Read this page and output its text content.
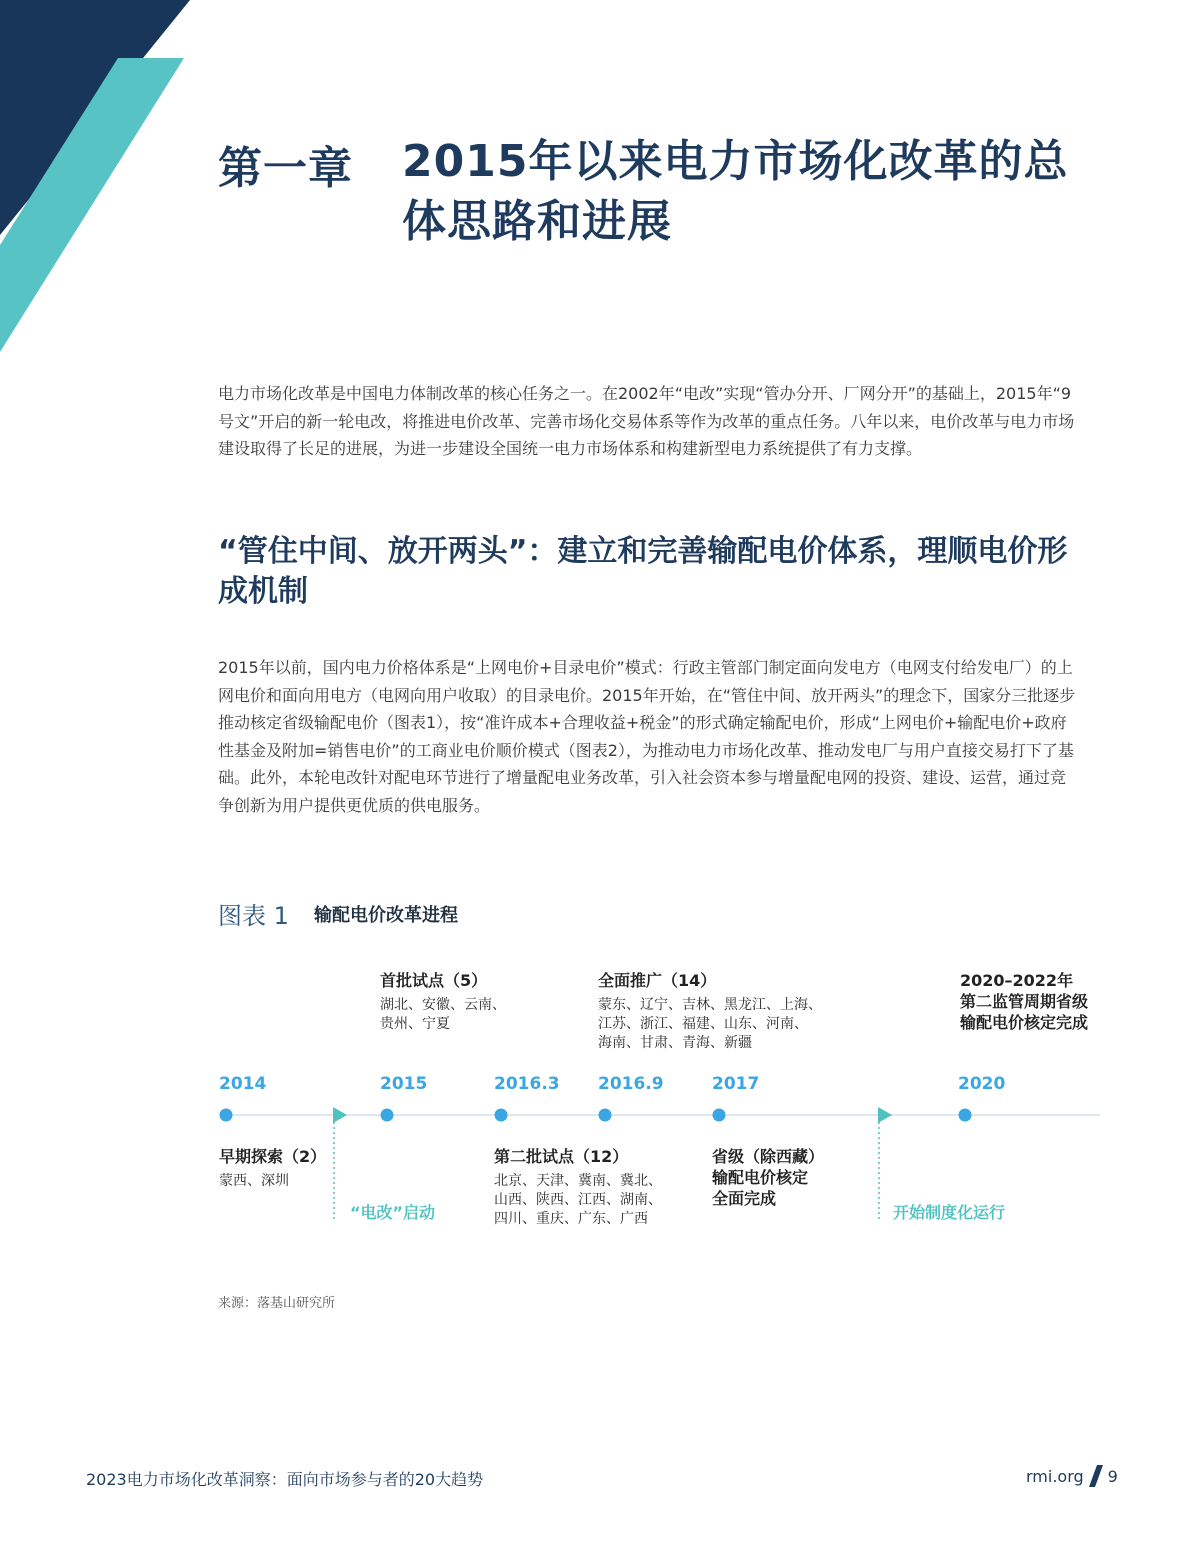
第一章 2015年以来电力市场化改革的总体思路和进展
电力市场化改革是中国电力体制改革的核心任务之一。在2002年“电改”实现“管办分开、厂网分开”的基础上，2015年“9号文”开启的新一轮电改，将推进电价改革、完善市场化交易体系等作为改革的重点任务。八年以来，电价改革与电力市场建设取得了长足的进展，为进一步建设全国统一电力市场体系和构建新型电力系统提供了有力支撑。
“管住中间、放开两头”：建立和完善输配电价体系，理顺电价形成机制
2015年以前，国内电力价格体系是“上网电价+目录电价”模式：行政主管部门制定面向发电方（电网支付给发电厂）的上网电价和面向用电方（电网向用户收取）的目录电价。2015年开始，在“管住中间、放开两头”的理念下，国家分三批逐步推动核定省级输配电价（图表1），按“准许成本+合理收益+税金”的形式确定输配电价，形成“上网电价+输配电价+政府性基金及附加=销售电价”的工商业电价顺价模式（图表2），为推动电力市场化改革、推动发电厂与用户直接交易打下了基础。此外，本轮电改针对配电环节进行了增量配电业务改革，引入社会资本参与增量配电网的投资、建设、运营，通过竞争创新为用户提供更优质的供电服务。
图表 1 输配电价改革进程
2014	2015	2016.3 2016.9	2017	2020
首批试点（5）
湖北、安徽、云南、
贵州、宁夏
全面推广（14）
蒙东、辽宁、吉林、黑龙江、上海、
江苏、浙江、福建、山东、河南、
海南、甘肃、青海、新疆
2020–2022年
第二监管周期省级
输配电价核定完成
早期探索（2）
蒙西、深圳
第二批试点（12）
北京、天津、冀南、冀北、
山西、陕西、江西、湖南、
四川、重庆、广东、广西
省级（除西藏）
输配电价核定
全面完成
“电改”启动	开始制度化运行
来源：落基山研究所
2023电力市场化改革洞察：面向市场参与者的20大趋势	rmi.org 9
